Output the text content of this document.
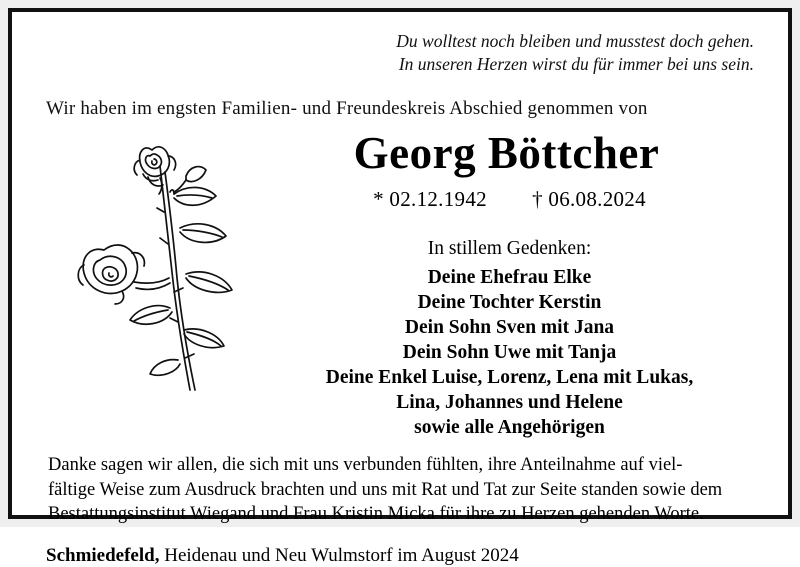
Du wolltest noch bleiben und musstest doch gehen.
In unseren Herzen wirst du für immer bei uns sein.
Wir haben im engsten Familien- und Freundeskreis Abschied genommen von
Georg Böttcher
* 02.12.1942 † 06.08.2024
In stillem Gedenken:
Deine Ehefrau Elke
Deine Tochter Kerstin
Dein Sohn Sven mit Jana
Dein Sohn Uwe mit Tanja
Deine Enkel Luise, Lorenz, Lena mit Lukas,
Lina, Johannes und Helene
sowie alle Angehörigen
Danke sagen wir allen, die sich mit uns verbunden fühlten, ihre Anteilnahme auf viel-
fältige Weise zum Ausdruck brachten und uns mit Rat und Tat zur Seite standen sowie dem
Bestattungsinstitut Wiegand und Frau Kristin Micka für ihre zu Herzen gehenden Worte.
Schmiedefeld, Heidenau und Neu Wulmstorf im August 2024
